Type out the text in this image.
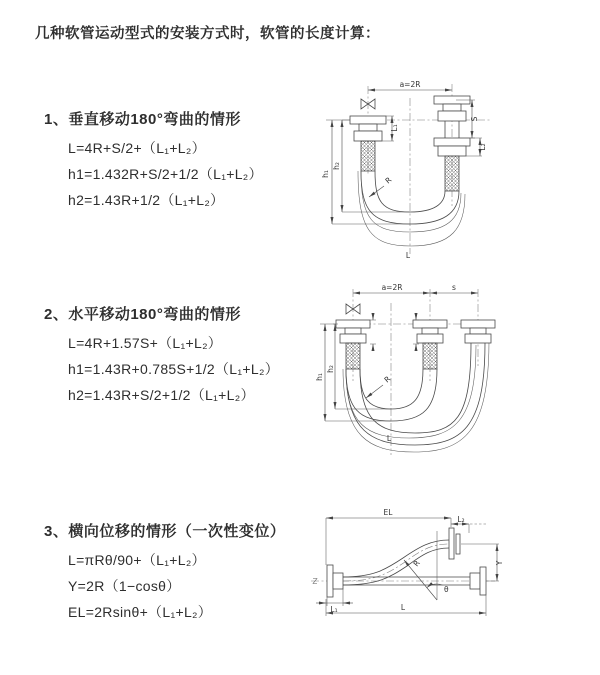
几种软管运动型式的安装方式时，软管的长度计算：
1、垂直移动180°弯曲的情形
L=4R+S/2+（L₁+L₂）
h1=1.432R+S/2+1/2（L₁+L₂）
h2=1.43R+1/2（L₁+L₂）
a=2R
S
L₂
L₁
h₁
h₂
R
L
2、水平移动180°弯曲的情形
L=4R+1.57S+（L₁+L₂）
h1=1.43R+0.785S+1/2（L₁+L₂）
h2=1.43R+S/2+1/2（L₁+L₂）
a=2R	s
h₁
h₂
R
L
3、横向位移的情形（一次性变位）
L=πRθ/90+（L₁+L₂）
Y=2R（1−cosθ）
EL=2Rsinθ+（L₁+L₂）
EL
L₂
Y
θ
R
L₁	L
